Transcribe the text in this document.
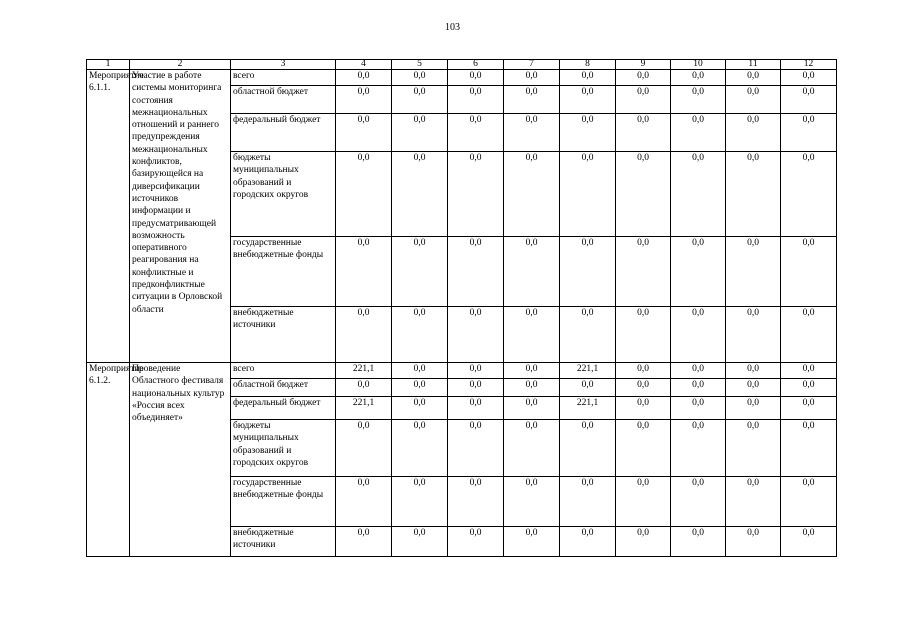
103
1	2	3	4	5	6	7	8	9	10	11	12
Мероприятие 6.1.1.	Участие в работе системы мониторинга состояния межнациональных отношений и раннего предупреждения межнациональных конфликтов, базирующейся на диверсификации источников информации и предусматривающей возможность оперативного реагирования на конфликтные и предконфликтные ситуации в Орловской области	всего	0,0	0,0	0,0	0,0	0,0	0,0	0,0	0,0	0,0
		областной бюджет	0,0	0,0	0,0	0,0	0,0	0,0	0,0	0,0	0,0
		федеральный бюджет	0,0	0,0	0,0	0,0	0,0	0,0	0,0	0,0	0,0
		бюджеты муниципальных образований и городских округов	0,0	0,0	0,0	0,0	0,0	0,0	0,0	0,0	0,0
		государственные внебюджетные фонды	0,0	0,0	0,0	0,0	0,0	0,0	0,0	0,0	0,0
		внебюджетные источники	0,0	0,0	0,0	0,0	0,0	0,0	0,0	0,0	0,0
Мероприятие 6.1.2.	Проведение Областного фестиваля национальных культур «Россия всех объединяет»	всего	221,1	0,0	0,0	0,0	221,1	0,0	0,0	0,0	0,0
		областной бюджет	0,0	0,0	0,0	0,0	0,0	0,0	0,0	0,0	0,0
		федеральный бюджет	221,1	0,0	0,0	0,0	221,1	0,0	0,0	0,0	0,0
		бюджеты муниципальных образований и городских округов	0,0	0,0	0,0	0,0	0,0	0,0	0,0	0,0	0,0
		государственные внебюджетные фонды	0,0	0,0	0,0	0,0	0,0	0,0	0,0	0,0	0,0
		внебюджетные источники	0,0	0,0	0,0	0,0	0,0	0,0	0,0	0,0	0,0
